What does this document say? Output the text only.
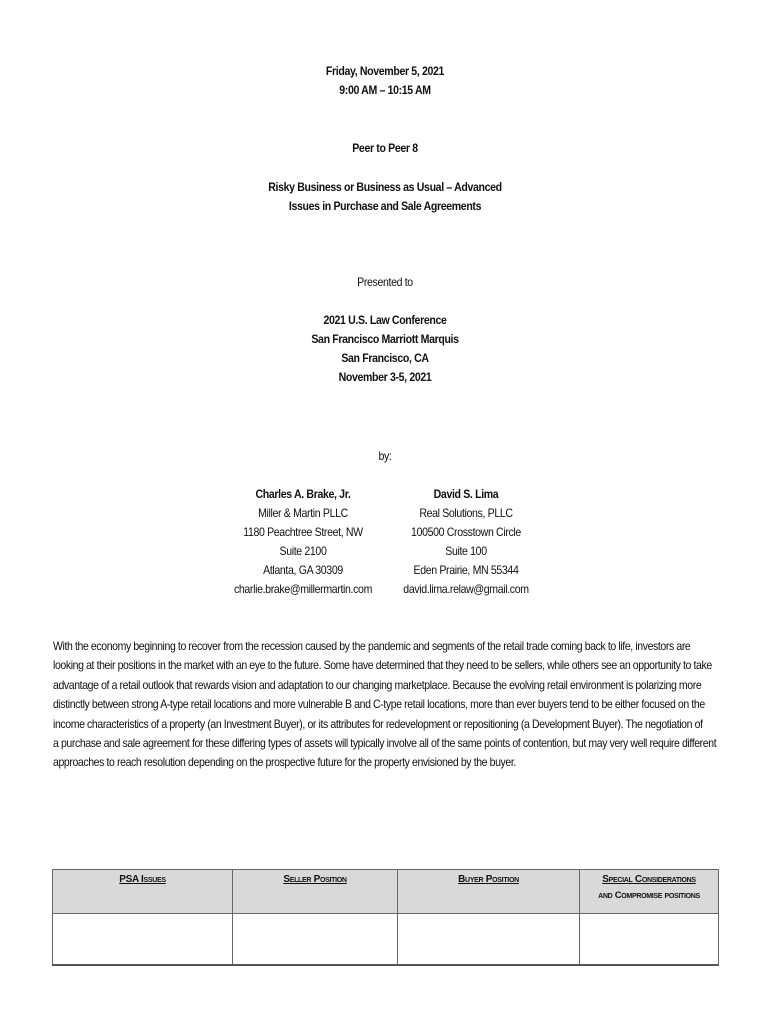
Friday, November 5, 2021
9:00 AM – 10:15 AM
Peer to Peer 8
Risky Business or Business as Usual – Advanced
Issues in Purchase and Sale Agreements
Presented to
2021 U.S. Law Conference
San Francisco Marriott Marquis
San Francisco, CA
November 3-5, 2021
by:
Charles A. Brake, Jr.
Miller & Martin PLLC
1180 Peachtree Street, NW
Suite 2100
Atlanta, GA 30309
charlie.brake@millermartin.com
David S. Lima
Real Solutions, PLLC
100500 Crosstown Circle
Suite 100
Eden Prairie, MN 55344
david.lima.relaw@gmail.com
With the economy beginning to recover from the recession caused by the pandemic and segments of the retail trade coming back to life, investors are
looking at their positions in the market with an eye to the future. Some have determined that they need to be sellers, while others see an opportunity to take
advantage of a retail outlook that rewards vision and adaptation to our changing marketplace. Because the evolving retail environment is polarizing more
distinctly between strong A-type retail locations and more vulnerable B and C-type retail locations, more than ever buyers tend to be either focused on the
income characteristics of a property (an Investment Buyer), or its attributes for redevelopment or repositioning (a Development Buyer). The negotiation of
a purchase and sale agreement for these differing types of assets will typically involve all of the same points of contention, but may very well require different
approaches to reach resolution depending on the prospective future for the property envisioned by the buyer.
PSA Issues	Seller Position	Buyer Position	Special Considerations
and Compromise positions
